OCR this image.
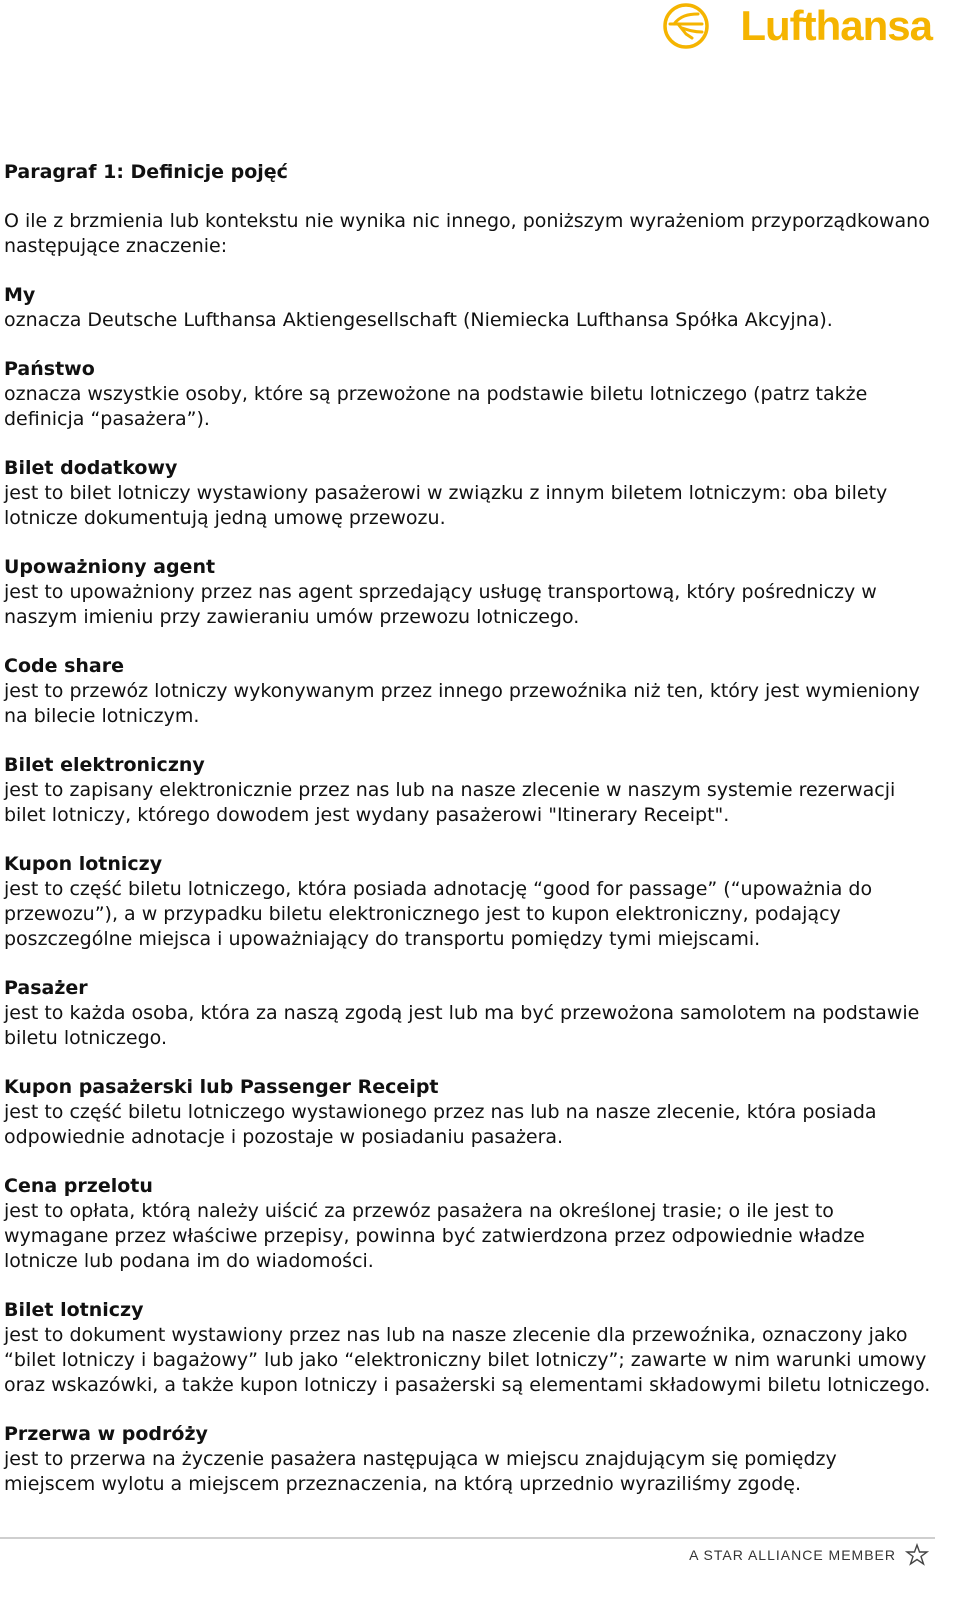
Lufthansa
Paragraf 1: Definicje pojęć
O ile z brzmienia lub kontekstu nie wynika nic innego, poniższym wyrażeniom przyporządkowano następujące znaczenie:
My
oznacza Deutsche Lufthansa Aktiengesellschaft (Niemiecka Lufthansa Spółka Akcyjna).
Państwo
oznacza wszystkie osoby, które są przewożone na podstawie biletu lotniczego (patrz także definicja “pasażera”).
Bilet dodatkowy
jest to bilet lotniczy wystawiony pasażerowi w związku z innym biletem lotniczym: oba bilety lotnicze dokumentują jedną umowę przewozu.
Upoważniony agent
jest to upoważniony przez nas agent sprzedający usługę transportową, który pośredniczy w naszym imieniu przy zawieraniu umów przewozu lotniczego.
Code share
jest to przewóz lotniczy wykonywanym przez innego przewoźnika niż ten, który jest wymieniony na bilecie lotniczym.
Bilet elektroniczny
jest to zapisany elektronicznie przez nas lub na nasze zlecenie w naszym systemie rezerwacji bilet lotniczy, którego dowodem jest wydany pasażerowi "Itinerary Receipt".
Kupon lotniczy
jest to część biletu lotniczego, która posiada adnotację “good for passage” (“upoważnia do przewozu”), a w przypadku biletu elektronicznego jest to kupon elektroniczny, podający poszczególne miejsca i upoważniający do transportu pomiędzy tymi miejscami.
Pasażer
jest to każda osoba, która za naszą zgodą jest lub ma być przewożona samolotem na podstawie biletu lotniczego.
Kupon pasażerski lub Passenger Receipt
jest to część biletu lotniczego wystawionego przez nas lub na nasze zlecenie, która posiada odpowiednie adnotacje i pozostaje w posiadaniu pasażera.
Cena przelotu
jest to opłata, którą należy uiścić za przewóz pasażera na określonej trasie; o ile jest to wymagane przez właściwe przepisy, powinna być zatwierdzona przez odpowiednie władze lotnicze lub podana im do wiadomości.
Bilet lotniczy
jest to dokument wystawiony przez nas lub na nasze zlecenie dla przewoźnika, oznaczony jako “bilet lotniczy i bagażowy” lub jako “elektroniczny bilet lotniczy”; zawarte w nim warunki umowy oraz wskazówki, a także kupon lotniczy i pasażerski są elementami składowymi biletu lotniczego.
Przerwa w podróży
jest to przerwa na życzenie pasażera następująca w miejscu znajdującym się pomiędzy miejscem wylotu a miejscem przeznaczenia, na którą uprzednio wyraziliśmy zgodę.
A STAR ALLIANCE MEMBER
